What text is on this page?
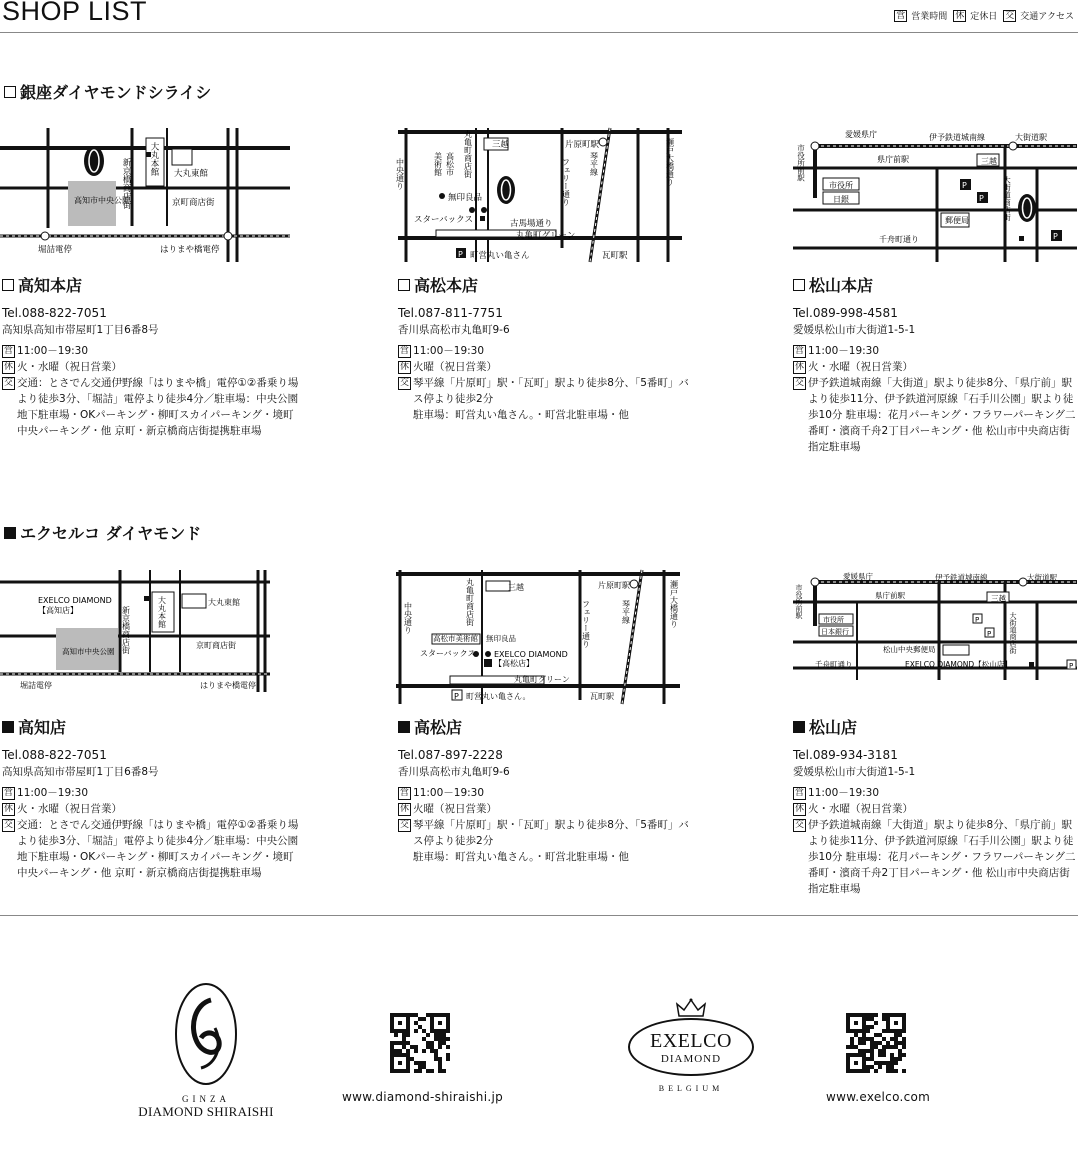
SHOP LIST	営 営業時間 休 定休日 交 交通アクセス
銀座ダイヤモンドシライシ
新京橋商店街 大丸本館 大丸東館
京町商店街
高知市中央公園
堀詰電停	はりまや橋電停	P
丸亀町商店街 三越	片原町駅	瀬戸大橋通り
中央通り	美術館 高松市
無印良品
スターバックス	古馬場通り
丸亀町グリーン
町営丸い亀さん	瓦町駅
フェリー通り 琴平線
P
P
P
愛媛県庁	伊予鉄道城南線	大街道駅
市役所前駅	県庁前駅	三越
市役所
日銀	大街道商店街
郵便局
千舟町通り
高知本店
Tel.088-822-7051
高知県高知市帯屋町1丁目6番8号
営 11:00－19:30
休 火・水曜（祝日営業）
交 交通：とさでん交通伊野線「はりまや橋」電停①②番乗り場より徒歩3分、「堀詰」電停より徒歩4分／駐車場：中央公園地下駐車場・OKパーキング・柳町スカイパーキング・境町中央パーキング・他 京町・新京橋商店街提携駐車場
高松本店
Tel.087-811-7751
香川県高松市丸亀町9-6
営 11:00－19:30
休 火曜（祝日営業）
交 琴平線「片原町」駅・「瓦町」駅より徒歩8分、「5番町」バス停より徒歩2分
駐車場：町営丸い亀さん。・町営北駐車場・他
松山本店
Tel.089-998-4581
愛媛県松山市大街道1-5-1
営 11:00－19:30
休 火・水曜（祝日営業）
交 伊予鉄道城南線「大街道」駅より徒歩8分、「県庁前」駅より徒歩11分、伊予鉄道河原線「石手川公園」駅より徒歩10分 駐車場：花月パーキング・フラワーパーキング二番町・濱商千舟2丁目パーキング・他 松山市中央商店街指定駐車場
エクセルコ ダイヤモンド
EXELCO DIAMOND
【高知店】	新京橋商店街	大丸本館	大丸東館
京町商店街
高知市中央公園
堀詰電停	はりまや橋電停
P
丸亀町商店街	三越	片原町駅	瀬戸大橋通り
中央通り
高松市美術館 無印良品
スターバックス EXELCO DIAMOND
【高松店】
丸亀町グリーン
町営丸い亀さん。	瓦町駅
フェリー通り	琴平線	P
P
P
愛媛県庁	伊予鉄道城南線	大街道駅
市役所前駅	県庁前駅	三越
市役所
日本銀行	大街道商店街
松山中央郵便局
千舟町通り	EXELCO DIAMOND【松山店】
高知店
Tel.088-822-7051
高知県高知市帯屋町1丁目6番8号
営 11:00－19:30
休 火・水曜（祝日営業）
交 交通：とさでん交通伊野線「はりまや橋」電停①②番乗り場より徒歩3分、「堀詰」電停より徒歩4分／駐車場：中央公園地下駐車場・OKパーキング・柳町スカイパーキング・境町中央パーキング・他 京町・新京橋商店街提携駐車場
高松店
Tel.087-897-2228
香川県高松市丸亀町9-6
営 11:00－19:30
休 火曜（祝日営業）
交 琴平線「片原町」駅・「瓦町」駅より徒歩8分、「5番町」バス停より徒歩2分
駐車場：町営丸い亀さん。・町営北駐車場・他
松山店
Tel.089-934-3181
愛媛県松山市大街道1-5-1
営 11:00－19:30
休 火・水曜（祝日営業）
交 伊予鉄道城南線「大街道」駅より徒歩8分、「県庁前」駅より徒歩11分、伊予鉄道河原線「石手川公園」駅より徒歩10分 駐車場：花月パーキング・フラワーパーキング二番町・濱商千舟2丁目パーキング・他 松山市中央商店街指定駐車場
GINZA
DIAMOND SHIRAISHI
www.diamond-shiraishi.jp
EXELCO
DIAMOND
BELGIUM
www.exelco.com
